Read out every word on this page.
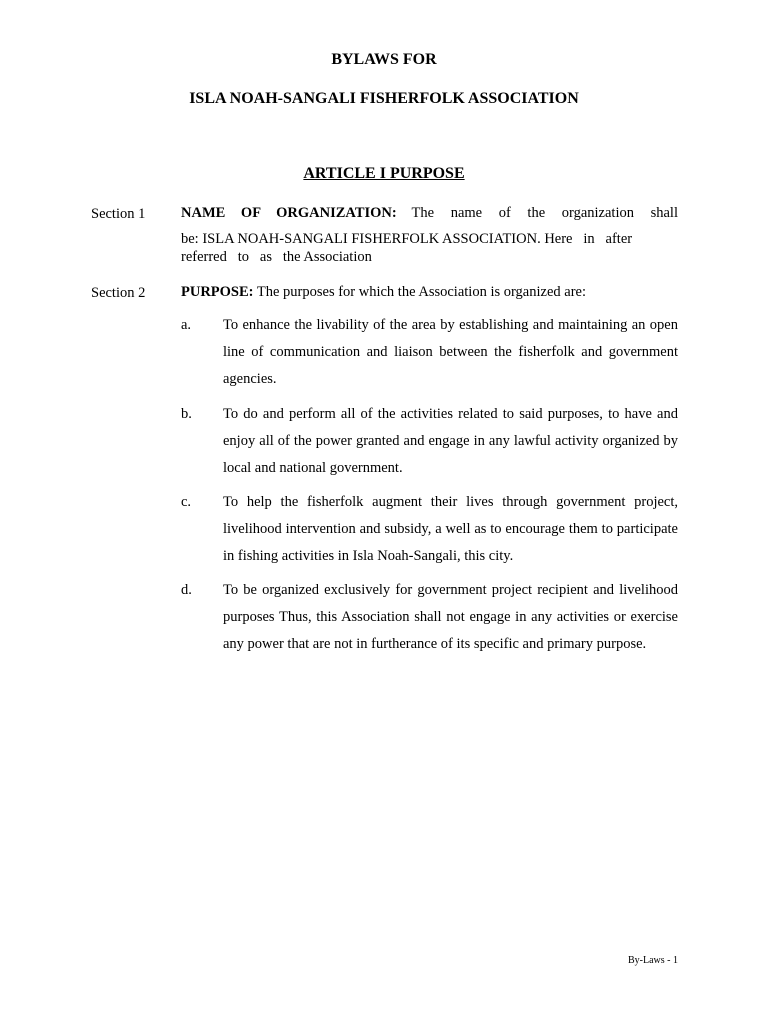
BYLAWS FOR
ISLA NOAH-SANGALI FISHERFOLK ASSOCIATION
ARTICLE I PURPOSE
Section 1 NAME OF ORGANIZATION: The name of the organization shall
be: ISLA NOAH-SANGALI FISHERFOLK ASSOCIATION. Here   in   after
referred   to   as   the Association
Section 2 PURPOSE: The purposes for which the Association is organized are:
a. To enhance the livability of the area by establishing and maintaining an open line of communication and liaison between the fisherfolk and government agencies.
b. To do and perform all of the activities related to said purposes, to have and enjoy all of the power granted and engage in any lawful activity organized by local and national government.
c. To help the fisherfolk augment their lives through government project, livelihood intervention and subsidy, a well as to encourage them to participate in fishing activities in Isla Noah-Sangali, this city.
d. To be organized exclusively for government project recipient and livelihood purposes Thus, this Association shall not engage in any activities or exercise any power that are not in furtherance of its specific and primary purpose.
By-Laws - 1
